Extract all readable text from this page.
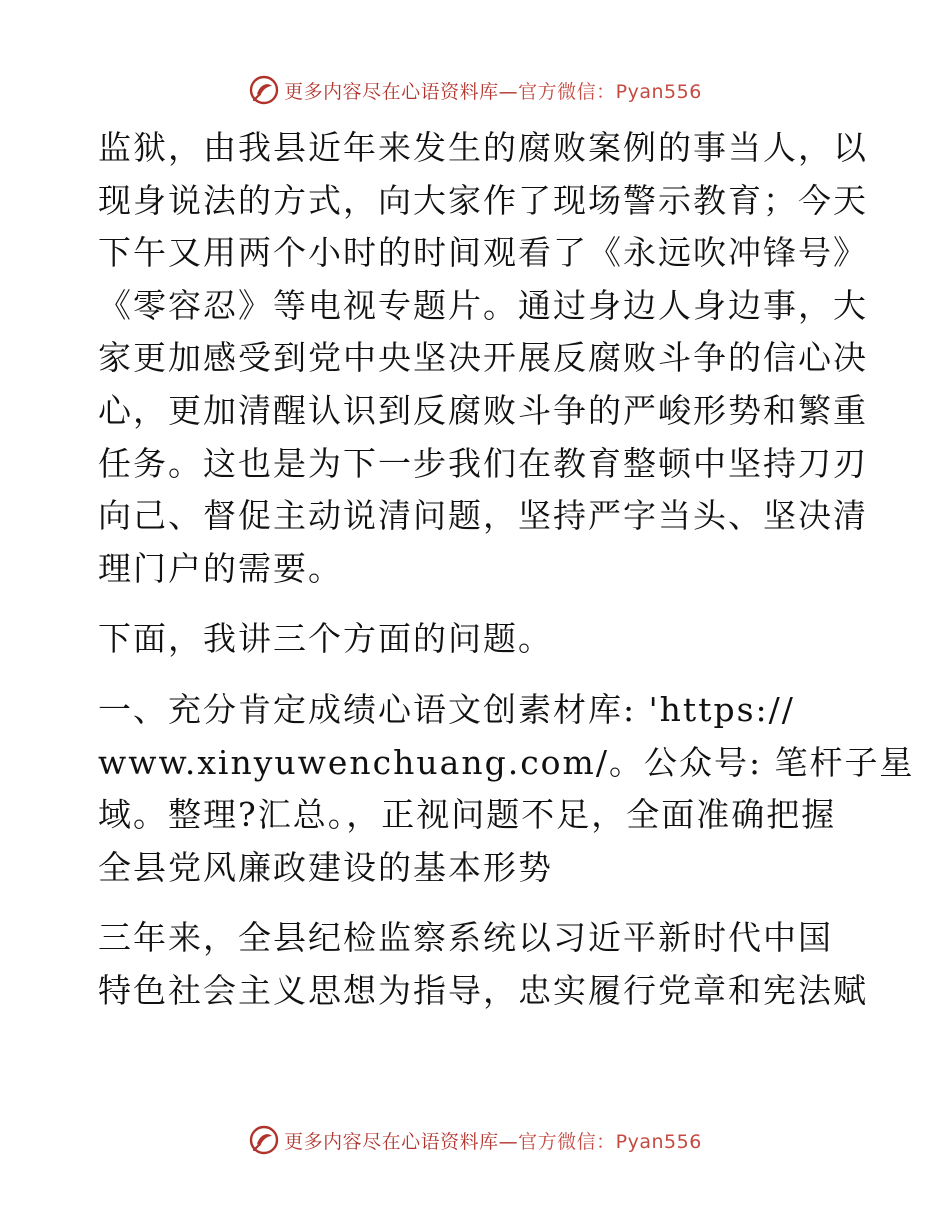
更多内容尽在心语资料库—官方微信：Pyan556
监狱，由我县近年来发生的腐败案例的事当人，以
现身说法的方式，向大家作了现场警示教育；今天
下午又用两个小时的时间观看了《永远吹冲锋号》
《零容忍》等电视专题片。通过身边人身边事，大
家更加感受到党中央坚决开展反腐败斗争的信心决
心，更加清醒认识到反腐败斗争的严峻形势和繁重
任务。这也是为下一步我们在教育整顿中坚持刀刃
向己、督促主动说清问题，坚持严字当头、坚决清
理门户的需要。
下面，我讲三个方面的问题。
一、充分肯定成绩心语文创素材库: 'https://
www.xinyuwenchuang.com/。公众号: 笔杆子星
域。整理?汇总。，正视问题不足，全面准确把握
全县党风廉政建设的基本形势
三年来，全县纪检监察系统以习近平新时代中国
特色社会主义思想为指导，忠实履行党章和宪法赋
更多内容尽在心语资料库—官方微信：Pyan556
